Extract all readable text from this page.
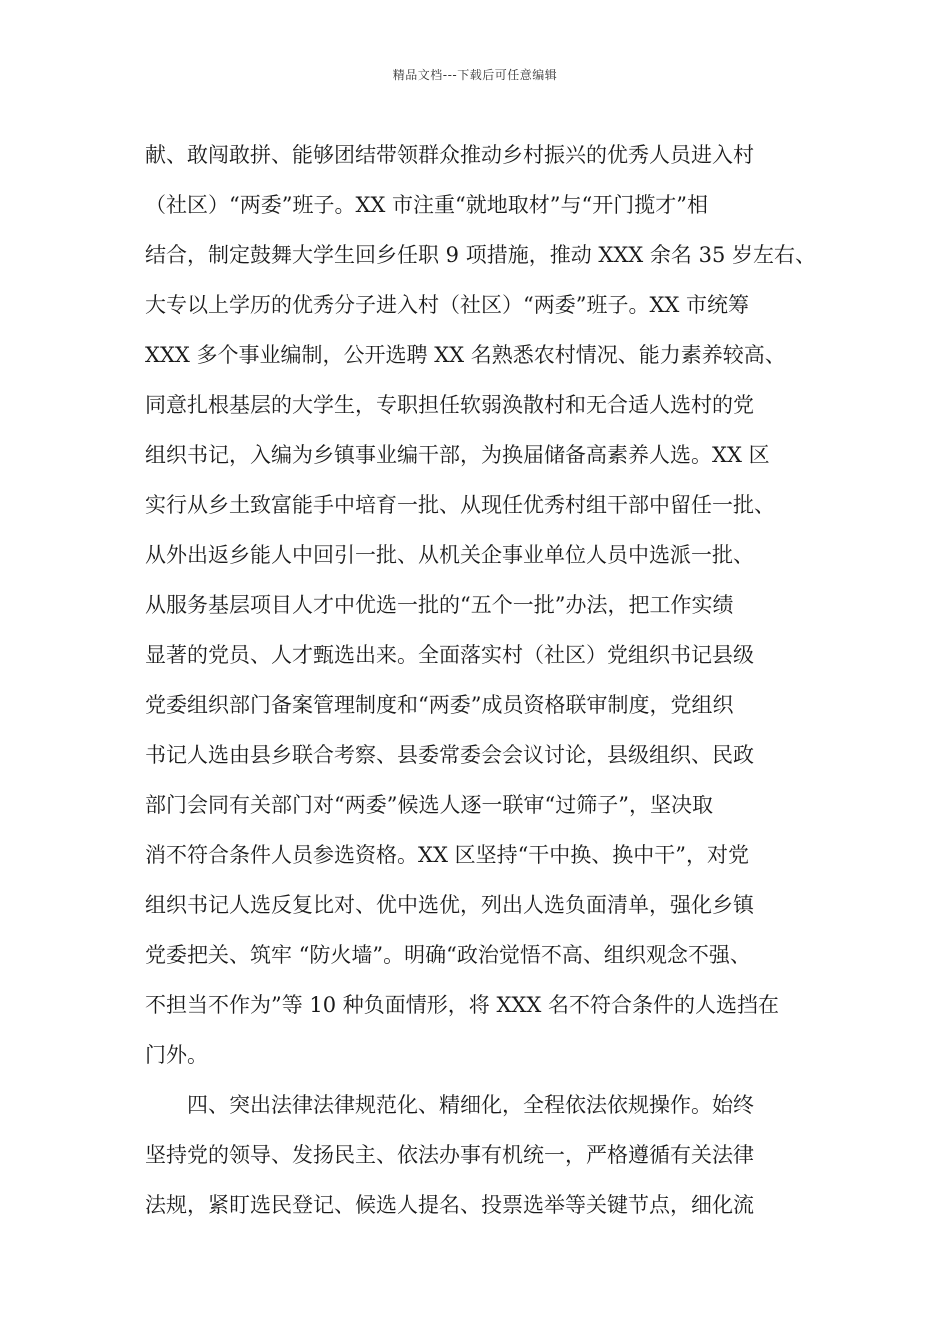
精品文档---下载后可任意编辑
献、敢闯敢拼、能够团结带领群众推动乡村振兴的优秀人员进入村
（社区）“两委”班子。XX 市注重“就地取材”与“开门揽才”相
结合，制定鼓舞大学生回乡任职 9 项措施，推动 XXX 余名 35 岁左右、
大专以上学历的优秀分子进入村（社区）“两委”班子。XX 市统筹
XXX 多个事业编制，公开选聘 XX 名熟悉农村情况、能力素养较高、
同意扎根基层的大学生，专职担任软弱涣散村和无合适人选村的党
组织书记，入编为乡镇事业编干部，为换届储备高素养人选。XX 区
实行从乡土致富能手中培育一批、从现任优秀村组干部中留任一批、
从外出返乡能人中回引一批、从机关企事业单位人员中选派一批、
从服务基层项目人才中优选一批的“五个一批”办法，把工作实绩
显著的党员、人才甄选出来。全面落实村（社区）党组织书记县级
党委组织部门备案管理制度和“两委”成员资格联审制度，党组织
书记人选由县乡联合考察、县委常委会会议讨论，县级组织、民政
部门会同有关部门对“两委”候选人逐一联审“过筛子”，坚决取
消不符合条件人员参选资格。XX 区坚持“干中换、换中干”，对党
组织书记人选反复比对、优中选优，列出人选负面清单，强化乡镇
党委把关、筑牢 “防火墙”。明确“政治觉悟不高、组织观念不强、
不担当不作为”等 10 种负面情形，将 XXX 名不符合条件的人选挡在
门外。
四、突出法律法律规范化、精细化，全程依法依规操作。始终
坚持党的领导、发扬民主、依法办事有机统一，严格遵循有关法律
法规，紧盯选民登记、候选人提名、投票选举等关键节点，细化流
